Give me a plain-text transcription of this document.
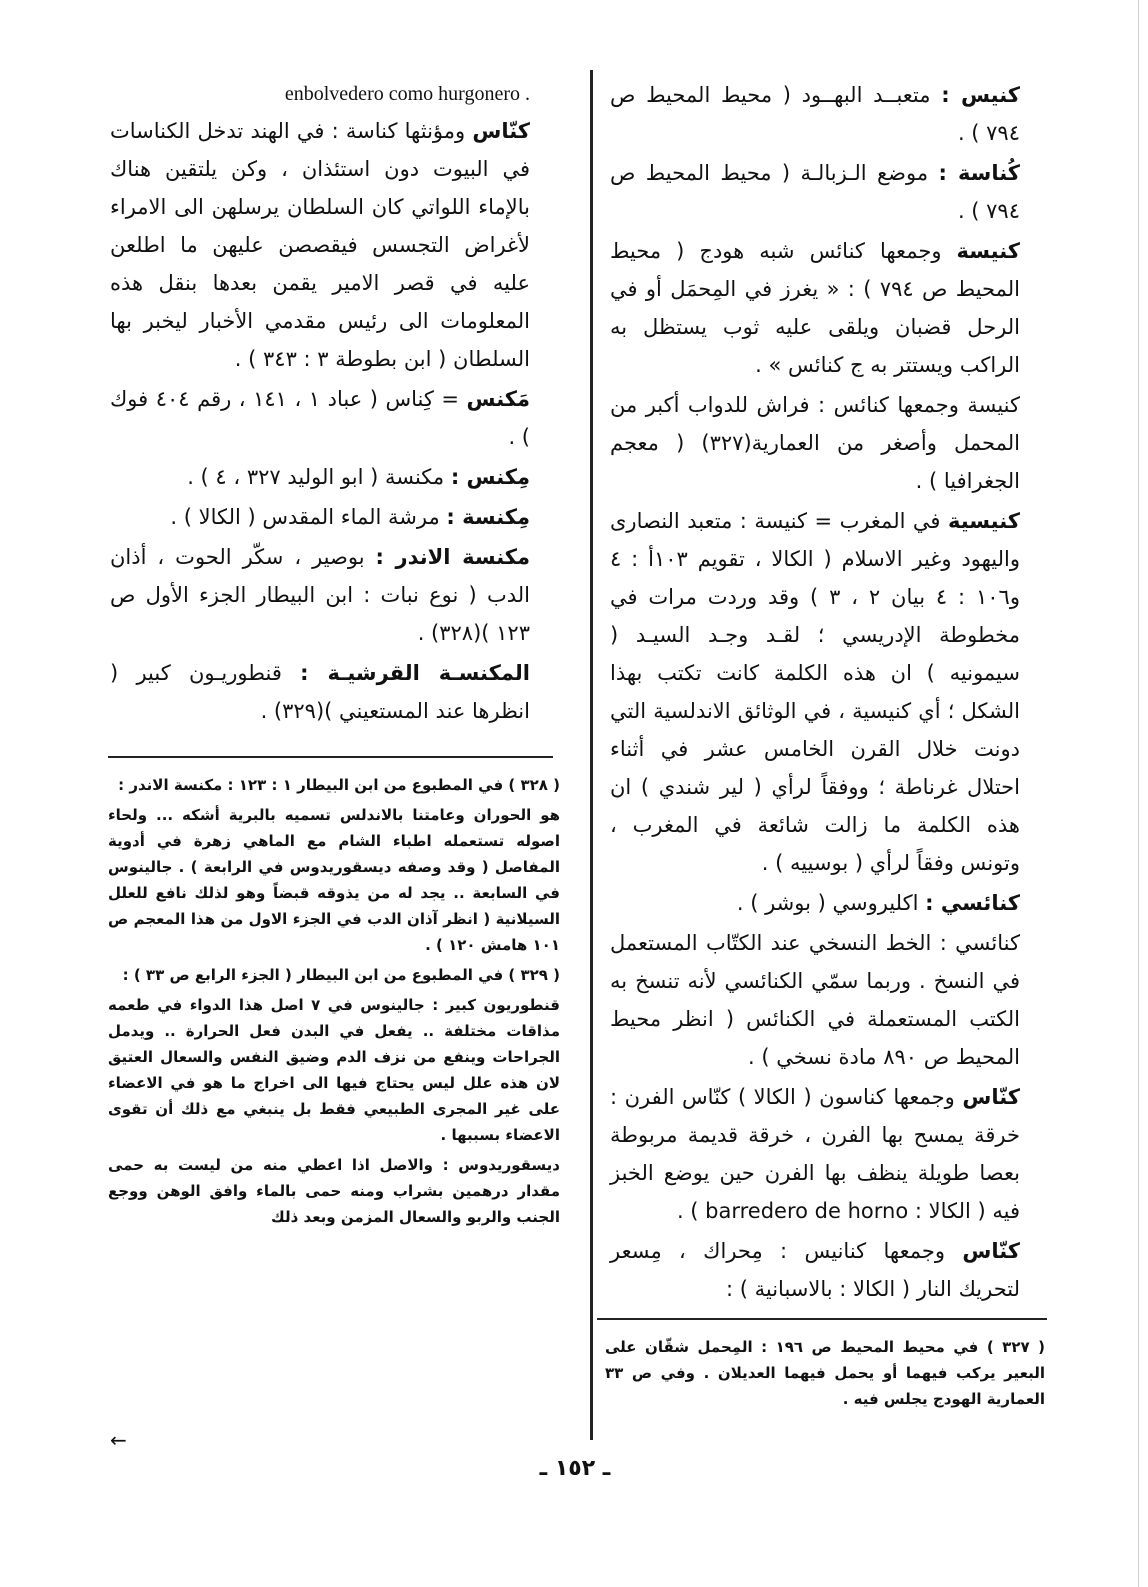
enbolvedero como hurgonero .	كنيس : متعبــد البهــود ( محيط المحيط ص ٧٩٤ ) .

كُناسة : موضع الـزبالـة ( محيط المحيط ص ٧٩٤ ) .

كنيسة وجمعها كنائس شبه هودج ( محيط المحيط ص ٧٩٤ ) : « يغرز في المِحمَل أو في الرحل قضبان ويلقى عليه ثوب يستظل به الراكب ويستتر به ج كنائس » .

كنيسة وجمعها كنائس : فراش للدواب أكبر من المحمل وأصغر من العمارية(٣٢٧) ( معجم الجغرافيا ) .

كنيسية في المغرب = كنيسة : متعبد النصارى واليهود وغير الاسلام ( الكالا ، تقويم ١٠٣أ : ٤ و١٠٦ : ٤ بيان ٢ ، ٣ ) وقد وردت مرات في مخطوطة الإدريسي ؛ لقـد وجـد السيـد ( سيمونيه ) ان هذه الكلمة كانت تكتب بهذا الشكل ؛ أي كنيسية ، في الوثائق الاندلسية التي دونت خلال القرن الخامس عشر في أثناء احتلال غرناطة ؛ ووفقاً لرأي ( لير شندي ) ان هذه الكلمة ما زالت شائعة في المغرب ، وتونس وفقاً لرأي ( بوسييه ) .

كنائسي : اكليروسي ( بوشر ) .

كنائسي : الخط النسخي عند الكتّاب المستعمل في النسخ . وربما سمّي الكنائسي لأنه تنسخ به الكتب المستعملة في الكنائس ( انظر محيط المحيط ص ٨٩٠ مادة نسخي ) .

كنّاس وجمعها كناسون ( الكالا ) كنّاس الفرن : خرقة يمسح بها الفرن ، خرقة قديمة مربوطة بعصا طويلة ينظف بها الفرن حين يوضع الخبز فيه ( الكالا : barredero de horno ) .

كنّاس وجمعها كنانيس : مِحراك ، مِسعر لتحريك النار ( الكالا : بالاسبانية ) :

كنّاس ومؤنثها كناسة : في الهند تدخل الكناسات في البيوت دون استئذان ، وكن يلتقين هناك بالإماء اللواتي كان السلطان يرسلهن الى الامراء لأغراض التجسس فيقصصن عليهن ما اطلعن عليه في قصر الامير يقمن بعدها بنقل هذه المعلومات الى رئيس مقدمي الأخبار ليخبر بها السلطان ( ابن بطوطة ٣ : ٣٤٣ ) .

مَكنس = كِناس ( عباد ١ ، ١٤١ ، رقم ٤٠٤ فوك ) .

مِكنس : مكنسة ( ابو الوليد ٣٢٧ ، ٤ ) .

مِكنسة : مرشة الماء المقدس ( الكالا ) .

مكنسة الاندر : بوصير ، سكّر الحوت ، أذان الدب ( نوع نبات : ابن البيطار الجزء الأول ص ١٢٣ )(٣٢٨) .

المكنسـة القرشيـة : قنطوريـون كبير ( انظرها عند المستعيني )(٣٢٩) .

( ٣٢٨ ) في المطبوع من ابن البيطار ١ : ١٢٣ : مكنسة الاندر :

هو الحوران وعامتنا بالاندلس تسميه بالبرية أشكه ... ولحاء اصوله تستعمله اطباء الشام مع الماهي زهرة في أدوية المفاصل ( وقد وصفه ديسقوريدوس في الرابعة ) . جالينوس في السابعة .. يجد له من يذوقه قبضاً وهو لذلك نافع للعلل السيلانية ( انظر آذان الدب في الجزء الاول من هذا المعجم ص ١٠١ هامش ١٢٠ ) .

( ٣٢٩ ) في المطبوع من ابن البيطار ( الجزء الرابع ص ٣٣ ) :

قنطوريون كبير : جالينوس في ٧ اصل هذا الدواء في طعمه مذاقات مختلفة .. يفعل في البدن فعل الحرارة .. ويدمل الجراحات وينفع من نزف الدم وضيق النفس والسعال العتيق لان هذه علل ليس يحتاج فيها الى اخراج ما هو في الاعضاء على غير المجرى الطبيعي فقط بل ينبغي مع ذلك أن تقوى الاعضاء بسببها .

ديسقوريدوس : والاصل اذا اعطي منه من ليست به حمى مقدار درهمين بشراب ومنه حمى بالماء وافق الوهن ووجع الجنب والربو والسعال المزمن وبعد ذلك

( ٣٢٧ ) في محيط المحيط ص ١٩٦ : المِحمل شقّان على البعير يركب فيهما أو يحمل فيهما العديلان . وفي ص ٣٣ العمارية الهودج يجلس فيه .

←
ـ ١٥٢ ـ
